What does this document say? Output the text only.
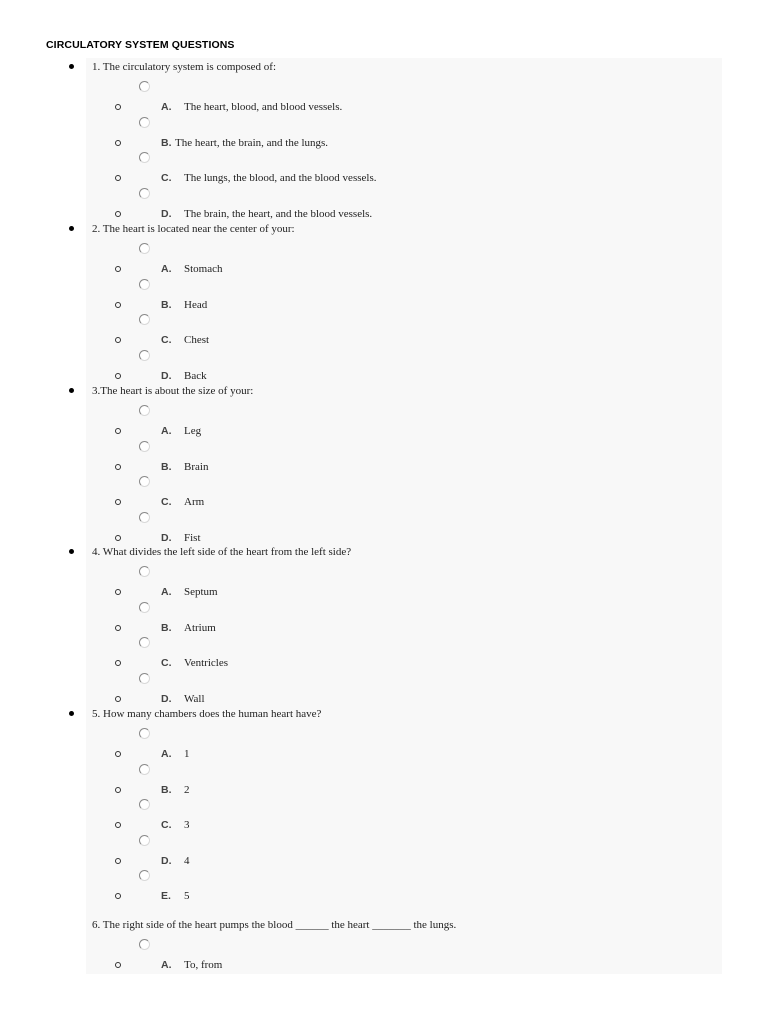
CIRCULATORY SYSTEM QUESTIONS
1. The circulatory system is composed of:
A. The heart, blood, and blood vessels.
B. The heart, the brain, and the lungs.
C. The lungs, the blood, and the blood vessels.
D. The brain, the heart, and the blood vessels.
2. The heart is located near the center of your:
A. Stomach
B. Head
C. Chest
D. Back
3.The heart is about the size of your:
A. Leg
B. Brain
C. Arm
D. Fist
4. What divides the left side of the heart from the left side?
A. Septum
B. Atrium
C. Ventricles
D. Wall
5. How many chambers does the human heart have?
A. 1
B. 2
C. 3
D. 4
E. 5
6. The right side of the heart pumps the blood ______ the heart _______ the lungs.
A. To, from
